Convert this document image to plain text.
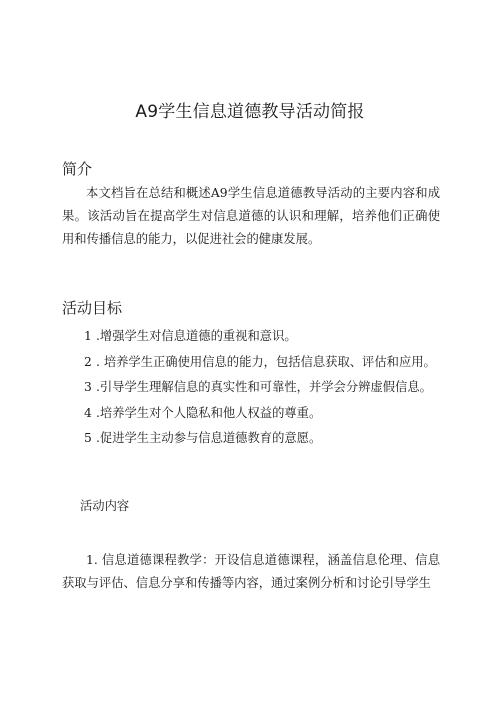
A9学生信息道德教导活动简报
简介

本文档旨在总结和概述A9学生信息道德教导活动的主要内容和成果。该活动旨在提高学生对信息道德的认识和理解，培养他们正确使用和传播信息的能力，以促进社会的健康发展。

活动目标
1 .增强学生对信息道德的重视和意识。
2 . 培养学生正确使用信息的能力，包括信息获取、评估和应用。
3 .引导学生理解信息的真实性和可靠性，并学会分辨虚假信息。
4 .培养学生对个人隐私和他人权益的尊重。
5 .促进学生主动参与信息道德教育的意愿。
活动内容

1. 信息道德课程教学：开设信息道德课程，涵盖信息伦理、信息获取与评估、信息分享和传播等内容，通过案例分析和讨论引导学生
